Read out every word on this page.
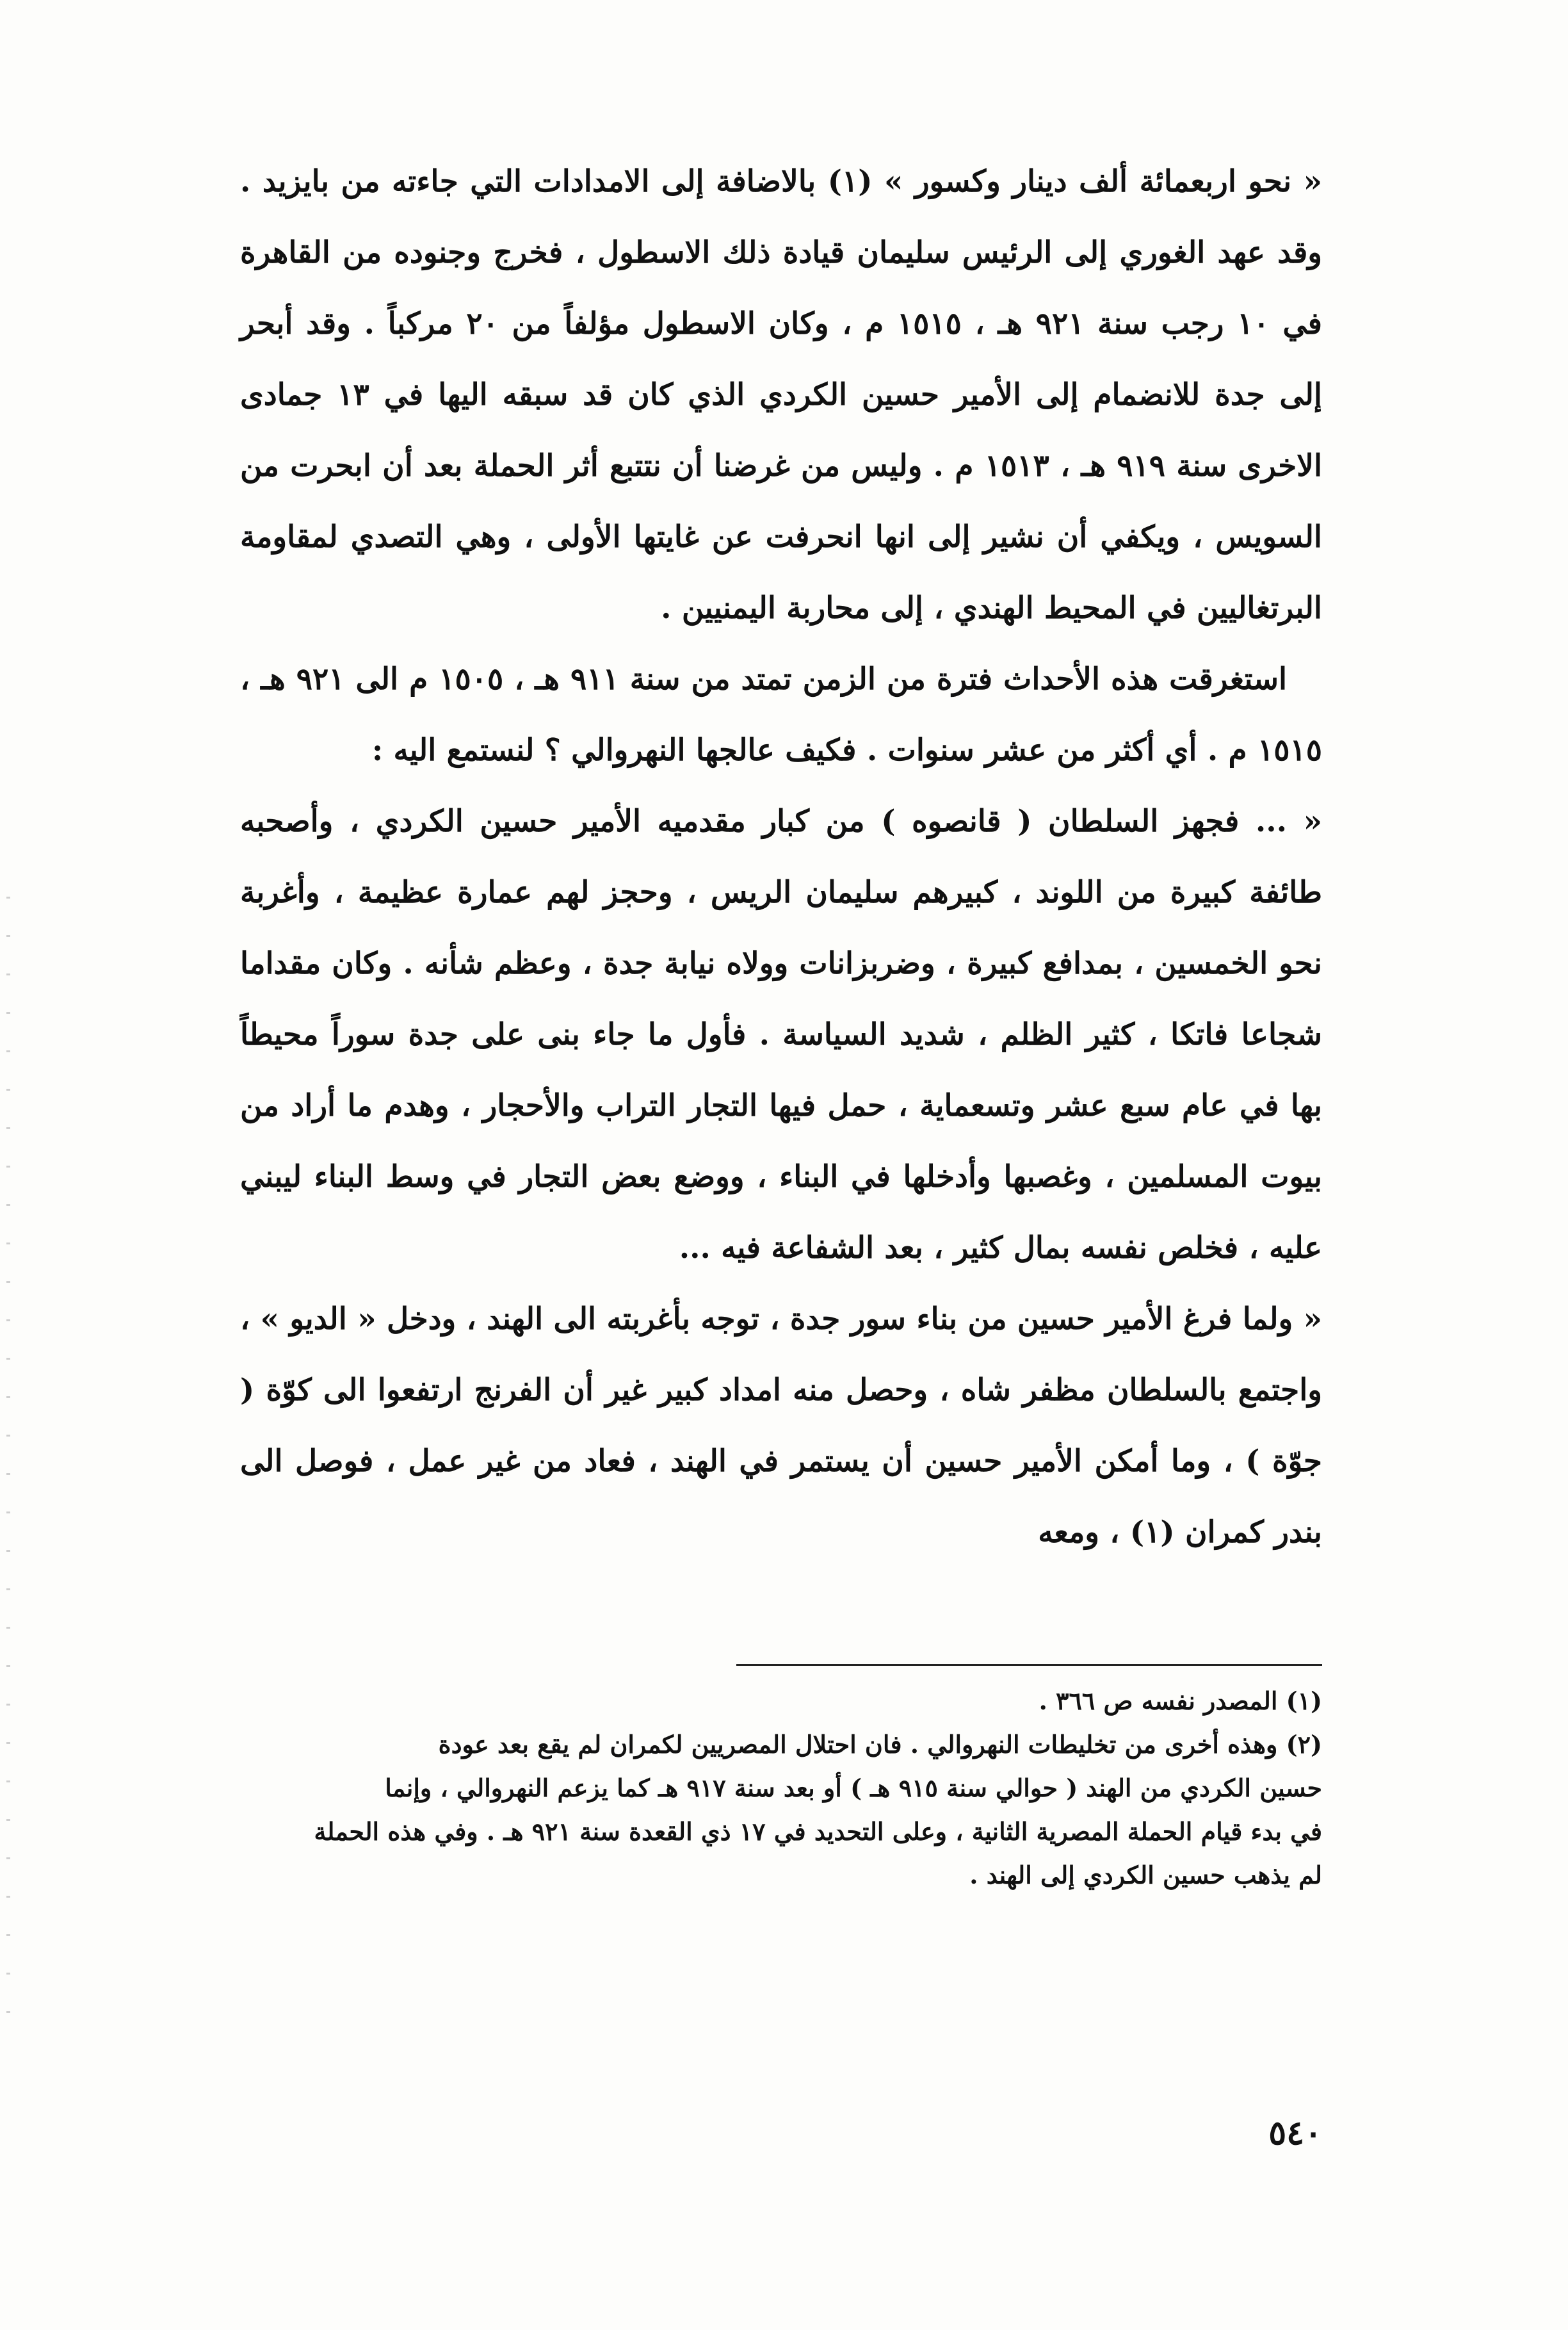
« نحو اربعمائة ألف دينار وكسور » (١) بالاضافة إلى الامدادات التي جاءته من بايزيد . وقد عهد الغوري إلى الرئيس سليمان قيادة ذلك الاسطول ، فخرج وجنوده من القاهرة في ١٠ رجب سنة ٩٢١ هـ ، ١٥١٥ م ، وكان الاسطول مؤلفاً من ٢٠ مركباً . وقد أبحر إلى جدة للانضمام إلى الأمير حسين الكردي الذي كان قد سبقه اليها في ١٣ جمادى الاخرى سنة ٩١٩ هـ ، ١٥١٣ م . وليس من غرضنا أن نتتبع أثر الحملة بعد أن ابحرت من السويس ، ويكفي أن نشير إلى انها انحرفت عن غايتها الأولى ، وهي التصدي لمقاومة البرتغاليين في المحيط الهندي ، إلى محاربة اليمنيين .

استغرقت هذه الأحداث فترة من الزمن تمتد من سنة ٩١١ هـ ، ١٥٠٥ م الى ٩٢١ هـ ، ١٥١٥ م . أي أكثر من عشر سنوات . فكيف عالجها النهروالي ؟ لنستمع اليه :

« ... فجهز السلطان ( قانصوه ) من كبار مقدميه الأمير حسين الكردي ، وأصحبه طائفة كبيرة من اللوند ، كبيرهم سليمان الريس ، وحجز لهم عمارة عظيمة ، وأغربة نحو الخمسين ، بمدافع كبيرة ، وضربزانات وولاه نيابة جدة ، وعظم شأنه . وكان مقداما شجاعا فاتكا ، كثير الظلم ، شديد السياسة . فأول ما جاء بنى على جدة سوراً محيطاً بها في عام سبع عشر وتسعماية ، حمل فيها التجار التراب والأحجار ، وهدم ما أراد من بيوت المسلمين ، وغصبها وأدخلها في البناء ، ووضع بعض التجار في وسط البناء ليبني عليه ، فخلص نفسه بمال كثير ، بعد الشفاعة فيه ...

« ولما فرغ الأمير حسين من بناء سور جدة ، توجه بأغربته الى الهند ، ودخل « الديو » ، واجتمع بالسلطان مظفر شاه ، وحصل منه امداد كبير غير أن الفرنج ارتفعوا الى كوّة ( جوّة ) ، وما أمكن الأمير حسين أن يستمر في الهند ، فعاد من غير عمل ، فوصل الى بندر كمران (١) ، ومعه

(١) المصدر نفسه ص ٣٦٦ .

(٢) وهذه أخرى من تخليطات النهروالي . فان احتلال المصريين لكمران لم يقع بعد عودة
حسين الكردي من الهند ( حوالي سنة ٩١٥ هـ ) أو بعد سنة ٩١٧ هـ كما يزعم النهروالي ، وإنما
في بدء قيام الحملة المصرية الثانية ، وعلى التحديد في ١٧ ذي القعدة سنة ٩٢١ هـ . وفي هذه الحملة
لم يذهب حسين الكردي إلى الهند .

٥٤٠
